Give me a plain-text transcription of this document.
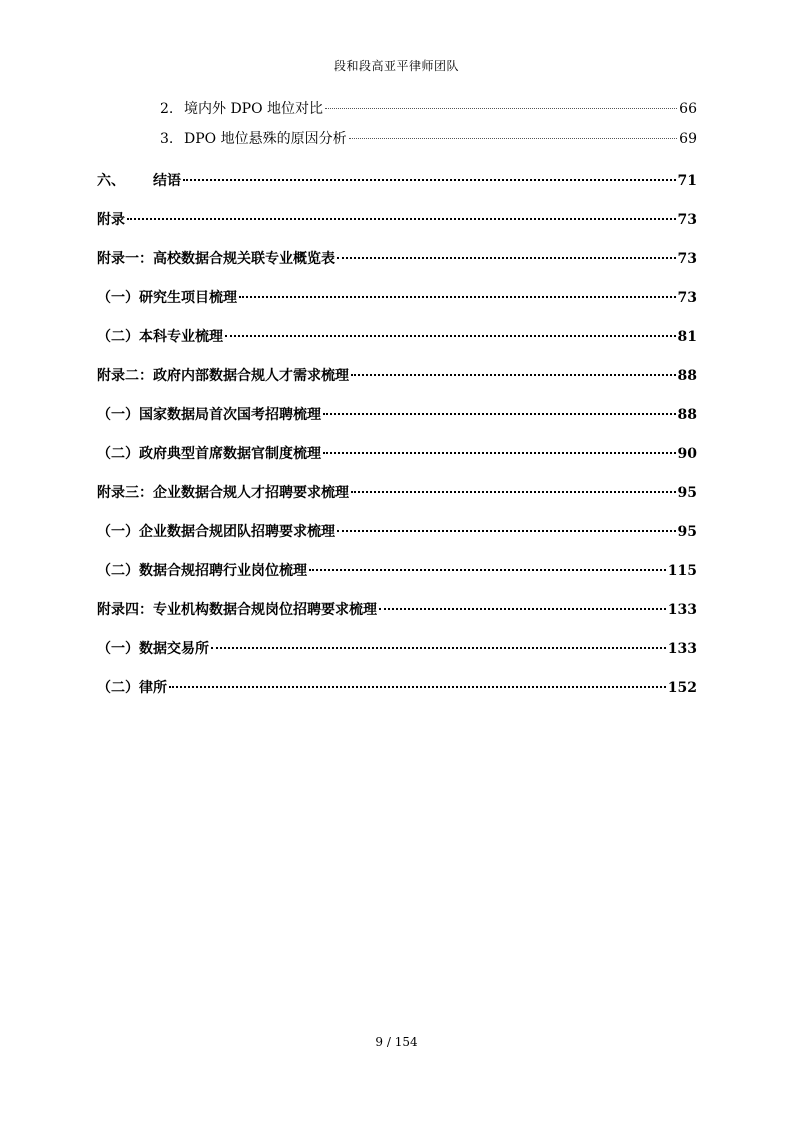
段和段高亚平律师团队
2. 境内外 DPO 地位对比	66
3. DPO 地位悬殊的原因分析	69
六、 结语	71
附录	73
附录一：高校数据合规关联专业概览表	73
（一）研究生项目梳理	73
（二）本科专业梳理	81
附录二：政府内部数据合规人才需求梳理	88
（一）国家数据局首次国考招聘梳理	88
（二）政府典型首席数据官制度梳理	90
附录三：企业数据合规人才招聘要求梳理	95
（一）企业数据合规团队招聘要求梳理	95
（二）数据合规招聘行业岗位梳理	115
附录四：专业机构数据合规岗位招聘要求梳理	133
（一）数据交易所	133
（二）律所	152
9 / 154
